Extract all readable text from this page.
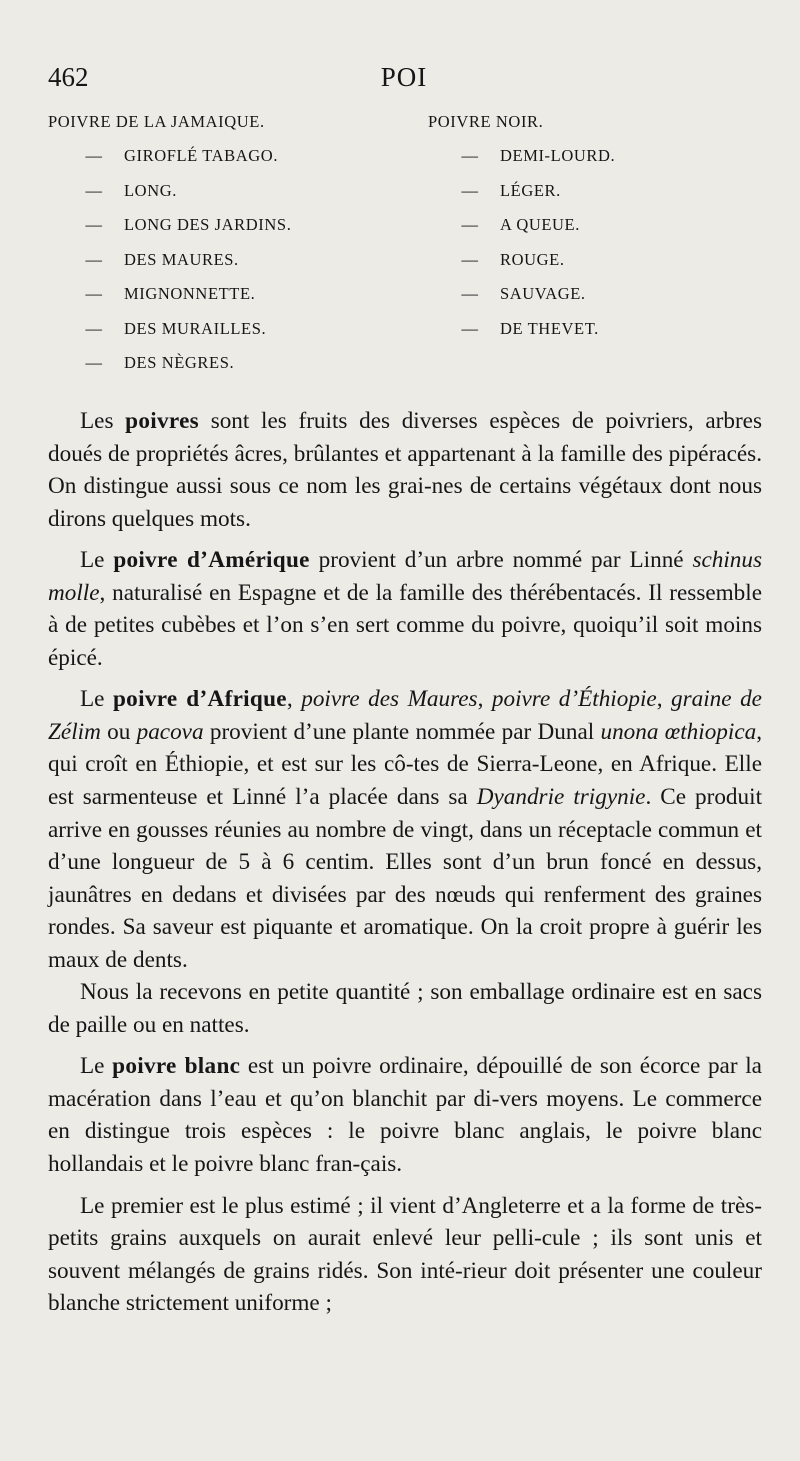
462	POI
POIVRE DE LA JAMAIQUE.
— GIROFLÉ TABAGO.
— LONG.
— LONG DES JARDINS.
— DES MAURES.
— MIGNONNETTE.
— DES MURAILLES.
— DES NÈGRES.
POIVRE NOIR.
— DEMI-LOURD.
— LÉGER.
— A QUEUE.
— ROUGE.
— SAUVAGE.
— DE THEVET.

Les poivres sont les fruits des diverses espèces de poivriers, arbres doués de propriétés âcres, brûlantes et appartenant à la famille des pipéracés. On distingue aussi sous ce nom les grai-nes de certains végétaux dont nous dirons quelques mots.

Le poivre d’Amérique provient d’un arbre nommé par Linné schinus molle, naturalisé en Espagne et de la famille des thérébentacés. Il ressemble à de petites cubèbes et l’on s’en sert comme du poivre, quoiqu’il soit moins épicé.

Le poivre d’Afrique, poivre des Maures, poivre d’Éthiopie, graine de Zélim ou pacova provient d’une plante nommée par Dunal unona œthiopica, qui croît en Éthiopie, et est sur les cô-tes de Sierra-Leone, en Afrique. Elle est sarmenteuse et Linné l’a placée dans sa Dyandrie trigynie. Ce produit arrive en gousses réunies au nombre de vingt, dans un réceptacle commun et d’une longueur de 5 à 6 centim. Elles sont d’un brun foncé en dessus, jaunâtres en dedans et divisées par des nœuds qui renferment des graines rondes. Sa saveur est piquante et aromatique. On la croit propre à guérir les maux de dents.

Nous la recevons en petite quantité ; son emballage ordinaire est en sacs de paille ou en nattes.

Le poivre blanc est un poivre ordinaire, dépouillé de son écorce par la macération dans l’eau et qu’on blanchit par di-vers moyens. Le commerce en distingue trois espèces : le poivre blanc anglais, le poivre blanc hollandais et le poivre blanc fran-çais.

Le premier est le plus estimé ; il vient d’Angleterre et a la forme de très-petits grains auxquels on aurait enlevé leur pelli-cule ; ils sont unis et souvent mélangés de grains ridés. Son inté-rieur doit présenter une couleur blanche strictement uniforme ;
